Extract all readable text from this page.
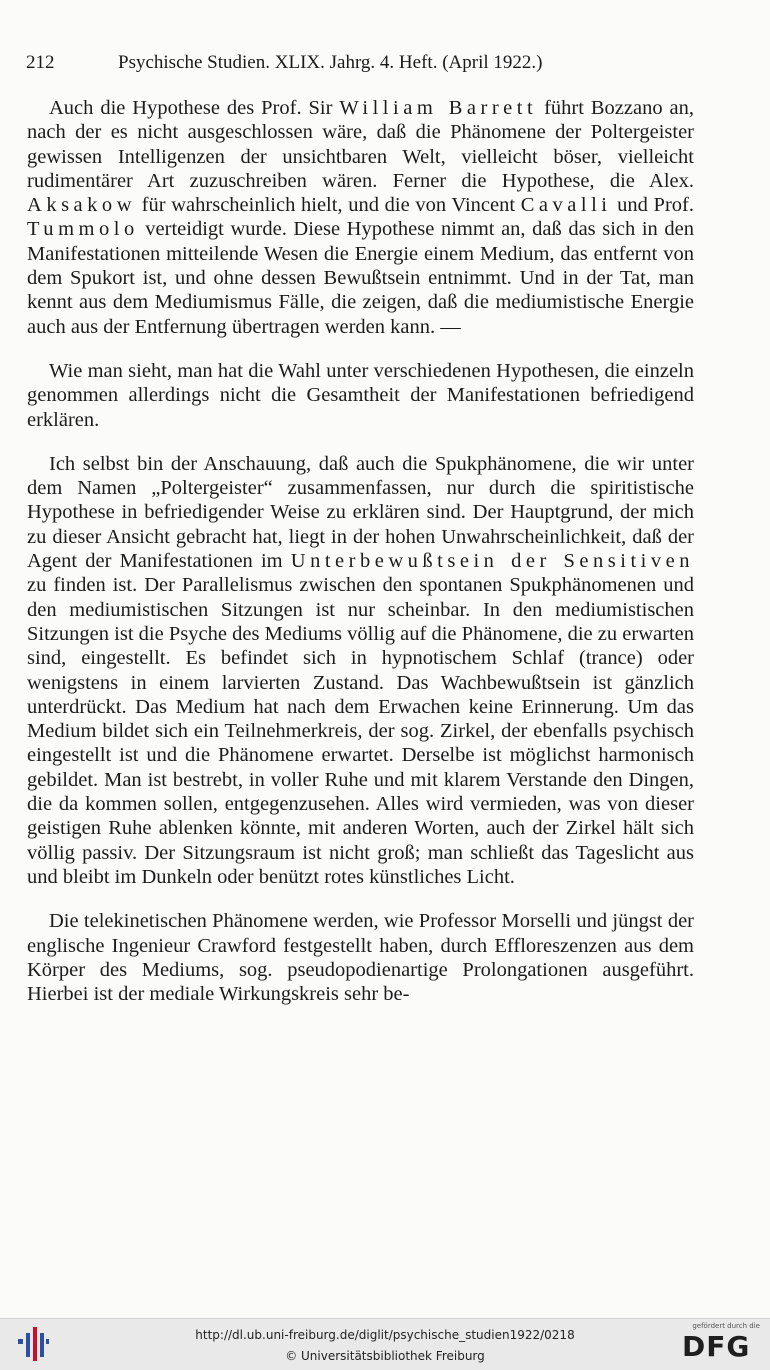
212	Psychische Studien. XLIX. Jahrg. 4. Heft. (April 1922.)

Auch die Hypothese des Prof. Sir William Barrett führt Bozzano an, nach der es nicht ausgeschlossen wäre, daß die Phänomene der Poltergeister gewissen Intelligenzen der unsichtbaren Welt, vielleicht böser, vielleicht rudimentärer Art zuzuschreiben wären. Ferner die Hypothese, die Alex. Aksakow für wahrscheinlich hielt, und die von Vincent Cavalli und Prof. Tummolo verteidigt wurde. Diese Hypothese nimmt an, daß das sich in den Manifestationen mitteilende Wesen die Energie einem Medium, das entfernt von dem Spukort ist, und ohne dessen Bewußtsein entnimmt. Und in der Tat, man kennt aus dem Mediumismus Fälle, die zeigen, daß die mediumistische Energie auch aus der Entfernung übertragen werden kann. —

Wie man sieht, man hat die Wahl unter verschiedenen Hypothesen, die einzeln genommen allerdings nicht die Gesamtheit der Manifestationen befriedigend erklären.

Ich selbst bin der Anschauung, daß auch die Spukphänomene, die wir unter dem Namen „Poltergeister“ zusammenfassen, nur durch die spiritistische Hypothese in befriedigender Weise zu erklären sind. Der Hauptgrund, der mich zu dieser Ansicht gebracht hat, liegt in der hohen Unwahrscheinlichkeit, daß der Agent der Manifestationen im Unterbewußtsein der Sensitiven zu finden ist. Der Parallelismus zwischen den spontanen Spukphänomenen und den mediumistischen Sitzungen ist nur scheinbar. In den mediumistischen Sitzungen ist die Psyche des Mediums völlig auf die Phänomene, die zu erwarten sind, eingestellt. Es befindet sich in hypnotischem Schlaf (trance) oder wenigstens in einem larvierten Zustand. Das Wachbewußtsein ist gänzlich unterdrückt. Das Medium hat nach dem Erwachen keine Erinnerung. Um das Medium bildet sich ein Teilnehmerkreis, der sog. Zirkel, der ebenfalls psychisch eingestellt ist und die Phänomene erwartet. Derselbe ist möglichst harmonisch gebildet. Man ist bestrebt, in voller Ruhe und mit klarem Verstande den Dingen, die da kommen sollen, entgegenzusehen. Alles wird vermieden, was von dieser geistigen Ruhe ablenken könnte, mit anderen Worten, auch der Zirkel hält sich völlig passiv. Der Sitzungsraum ist nicht groß; man schließt das Tageslicht aus und bleibt im Dunkeln oder benützt rotes künstliches Licht.

Die telekinetischen Phänomene werden, wie Professor Morselli und jüngst der englische Ingenieur Crawford festgestellt haben, durch Effloreszenzen aus dem Körper des Mediums, sog. pseudopodienartige Prolongationen ausgeführt. Hierbei ist der mediale Wirkungskreis sehr be-

http://dl.ub.uni-freiburg.de/diglit/psychische_studien1922/0218
© Universitätsbibliothek Freiburg
gefördert durch die
DFG
